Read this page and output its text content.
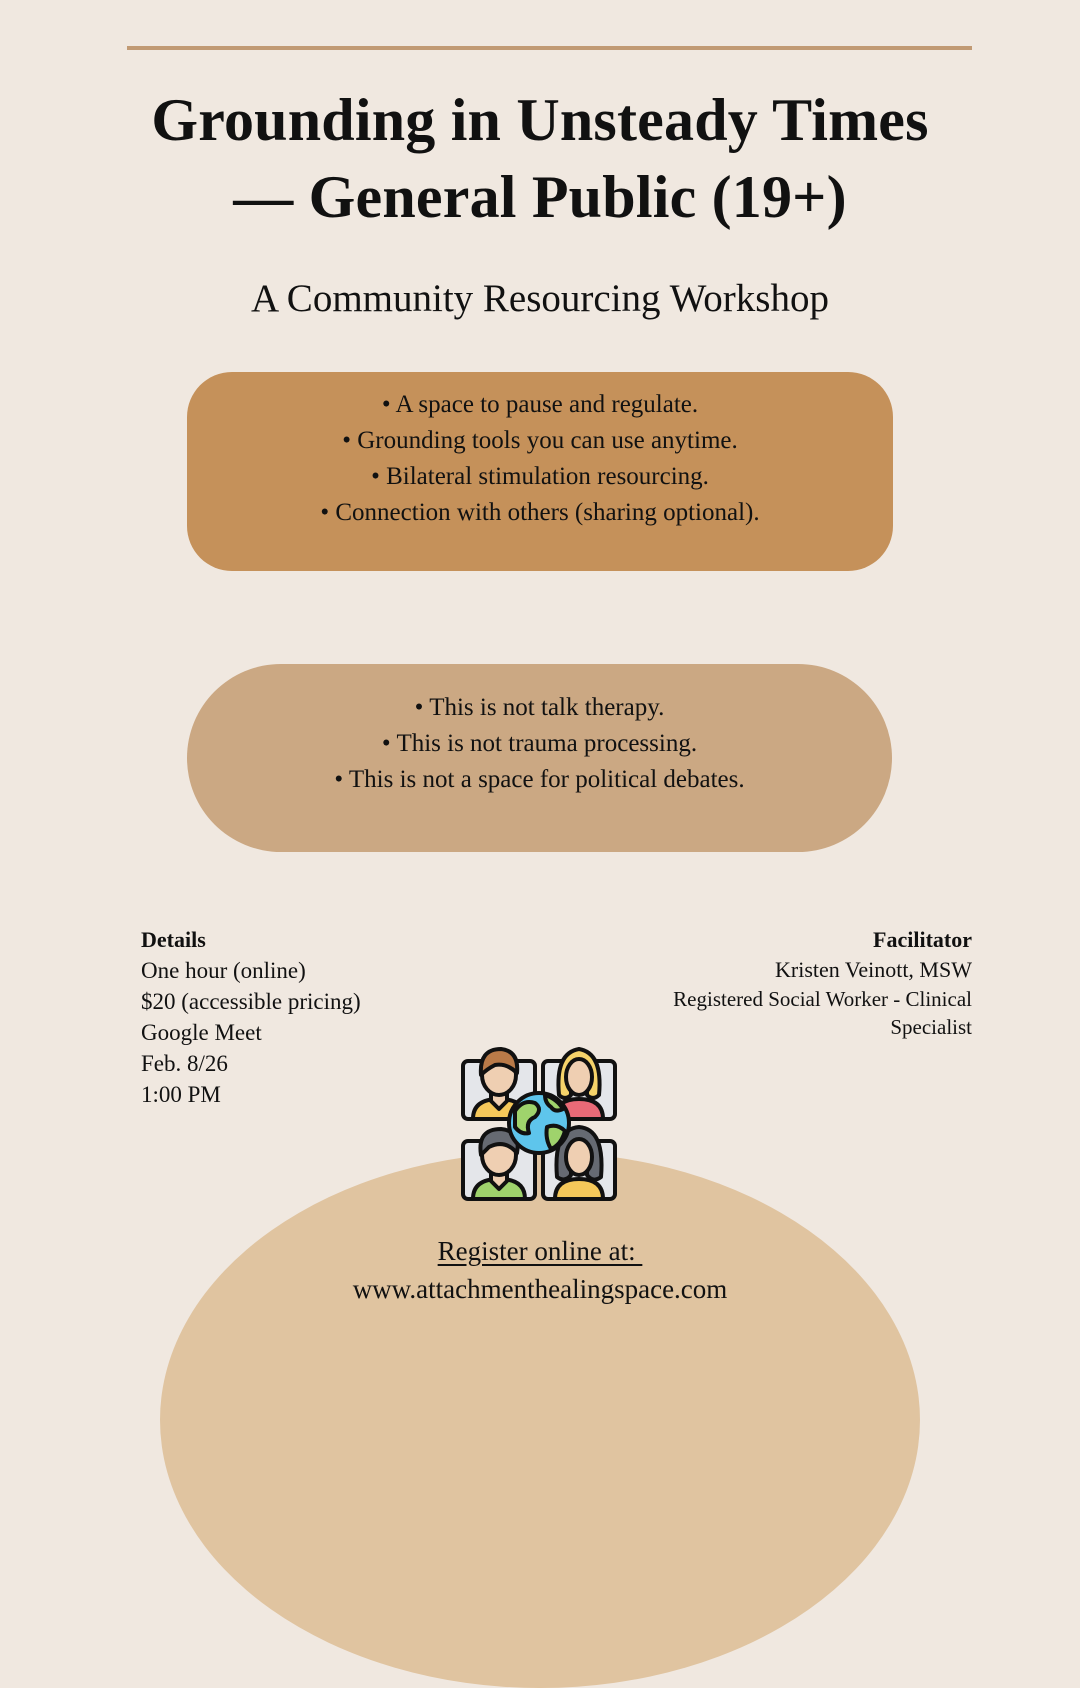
Grounding in Unsteady Times
— General Public (19+)
A Community Resourcing Workshop
• A space to pause and regulate.
• Grounding tools you can use anytime.
• Bilateral stimulation resourcing.
• Connection with others (sharing optional).
• This is not talk therapy.
• This is not trauma processing.
• This is not a space for political debates.
Details
One hour (online)
$20 (accessible pricing)
Google Meet
Feb. 8/26
1:00 PM
Facilitator
Kristen Veinott, MSW
Registered Social Worker - Clinical
Specialist
Register online at:
www.attachmenthealingspace.com
